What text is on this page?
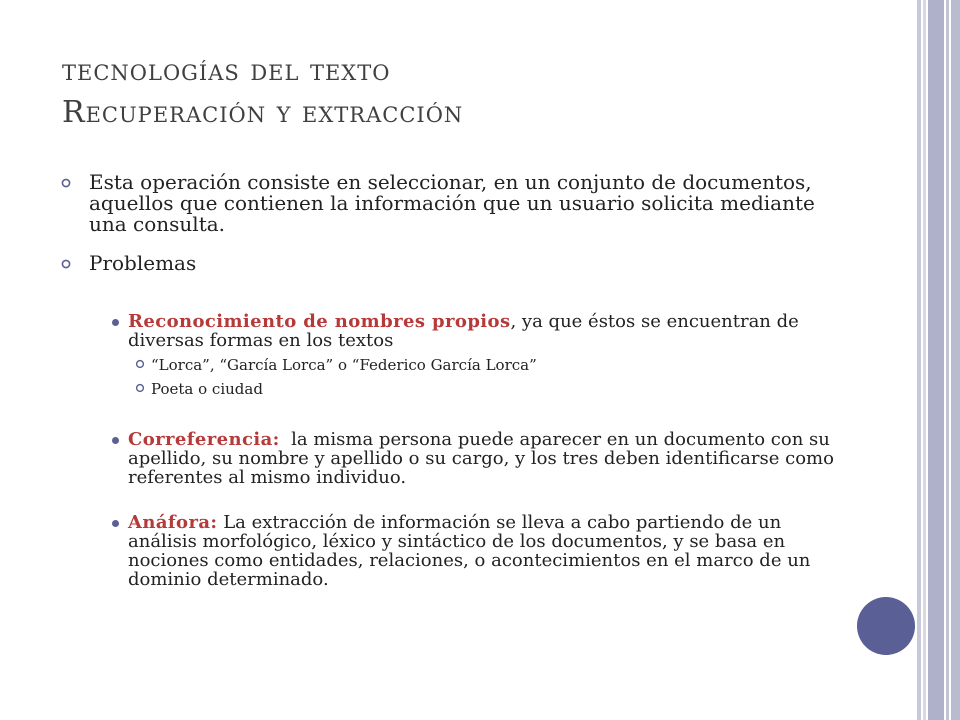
tecnologías del texto
Recuperación y extracción
Esta operación consiste en seleccionar, en un conjunto de documentos, aquellos que contienen la información que un usuario solicita mediante una consulta.
Problemas
Reconocimiento de nombres propios, ya que éstos se encuentran de diversas formas en los textos
“Lorca”, “García Lorca” o “Federico García Lorca”
Poeta o ciudad
Correferencia:  la misma persona puede aparecer en un documento con su apellido, su nombre y apellido o su cargo, y los tres deben identificarse como referentes al mismo individuo.
Anáfora: La extracción de información se lleva a cabo partiendo de un análisis morfológico, léxico y sintáctico de los documentos, y se basa en nociones como entidades, relaciones, o acontecimientos en el marco de un dominio determinado.
